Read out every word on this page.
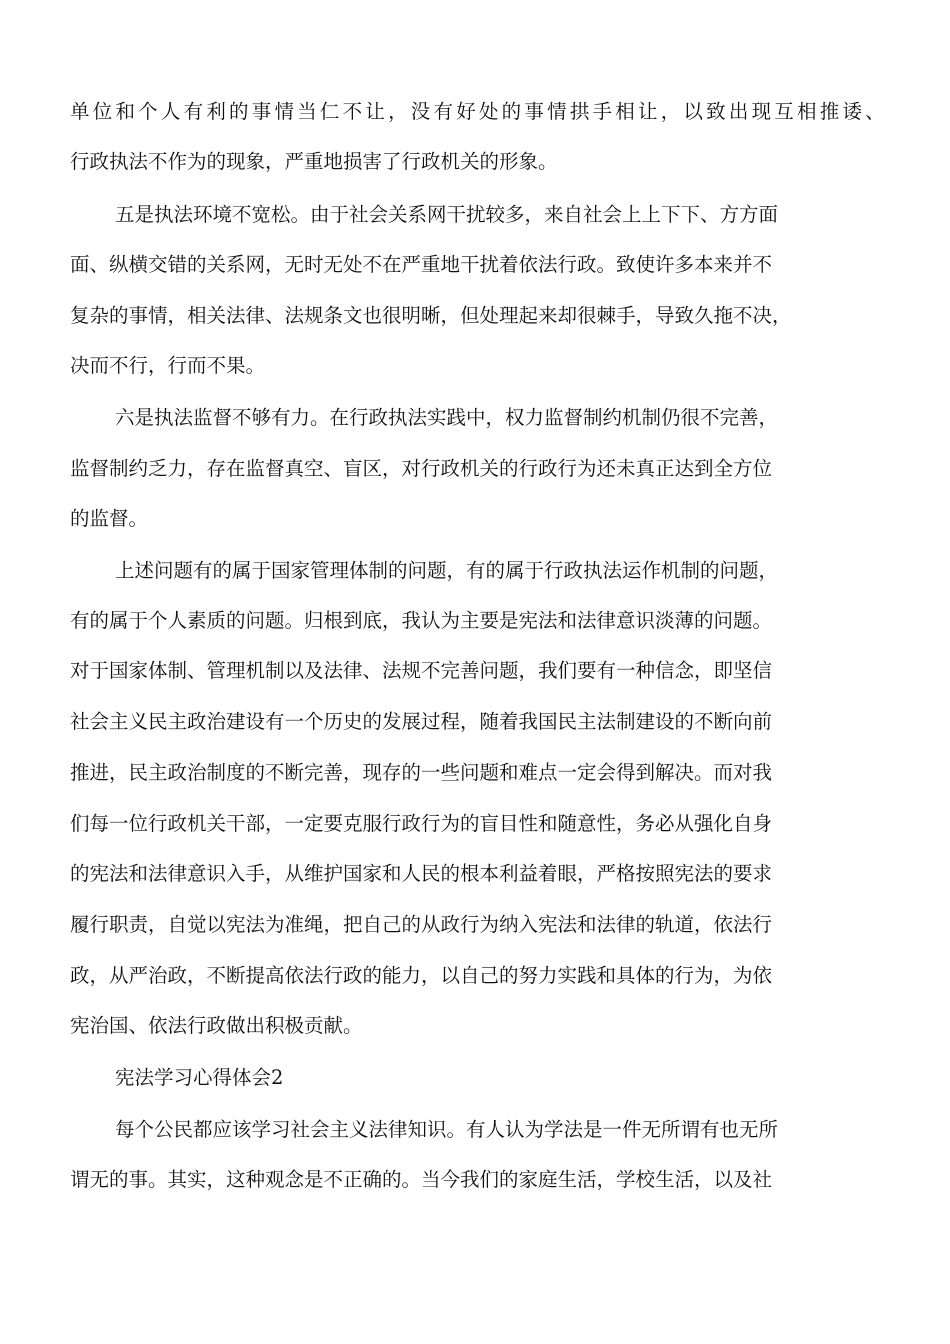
单 位 和 个 人 有 利 的 事 情 当 仁 不 让 ， 没 有 好 处 的 事 情 拱 手 相 让 ， 以 致 出 现 互 相 推 诿 、
行政执法不作为的现象，严重地损害了行政机关的形象。
五是执法环境不宽松。由于社会关系网干扰较多，来自社会上上下下、方方面
面、纵横交错的关系网，无时无处不在严重地干扰着依法行政。致使许多本来并不
复杂的事情，相关法律、法规条文也很明晰，但处理起来却很棘手，导致久拖不决，
决而不行，行而不果。
六是执法监督不够有力。在行政执法实践中，权力监督制约机制仍很不完善，
监督制约乏力，存在监督真空、盲区，对行政机关的行政行为还未真正达到全方位
的监督。
上述问题有的属于国家管理体制的问题，有的属于行政执法运作机制的问题，
有的属于个人素质的问题。归根到底，我认为主要是宪法和法律意识淡薄的问题。
对于国家体制、管理机制以及法律、法规不完善问题，我们要有一种信念，即坚信
社会主义民主政治建设有一个历史的发展过程，随着我国民主法制建设的不断向前
推进，民主政治制度的不断完善，现存的一些问题和难点一定会得到解决。而对我
们每一位行政机关干部，一定要克服行政行为的盲目性和随意性，务必从强化自身
的宪法和法律意识入手，从维护国家和人民的根本利益着眼，严格按照宪法的要求
履行职责，自觉以宪法为准绳，把自己的从政行为纳入宪法和法律的轨道，依法行
政，从严治政，不断提高依法行政的能力，以自己的努力实践和具体的行为，为依
宪治国、依法行政做出积极贡献。
宪法学习心得体会2
每个公民都应该学习社会主义法律知识。有人认为学法是一件无所谓有也无所
谓无的事。其实，这种观念是不正确的。当今我们的家庭生活，学校生活，以及社
